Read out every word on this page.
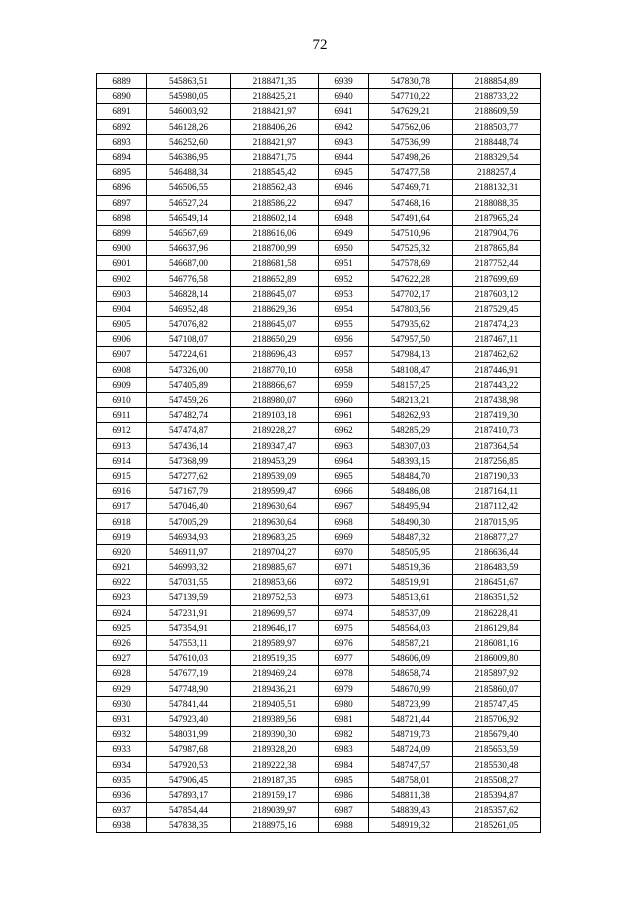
72
6889	545863,51	2188471,35	6939	547830,78	2188854,89
6890	545980,05	2188425,21	6940	547710,22	2188733,22
6891	546003,92	2188421,97	6941	547629,21	2188609,59
6892	546128,26	2188406,26	6942	547562,06	2188503,77
6893	546252,60	2188421,97	6943	547536,99	2188448,74
6894	546386,95	2188471,75	6944	547498,26	2188329,54
6895	546488,34	2188545,42	6945	547477,58	2188257,4
6896	546506,55	2188562,43	6946	547469,71	2188132,31
6897	546527,24	2188586,22	6947	547468,16	2188088,35
6898	546549,14	2188602,14	6948	547491,64	2187965,24
6899	546567,69	2188616,06	6949	547510,96	2187904,76
6900	546637,96	2188700,99	6950	547525,32	2187865,84
6901	546687,00	2188681,58	6951	547578,69	2187752,44
6902	546776,58	2188652,89	6952	547622,28	2187699,69
6903	546828,14	2188645,07	6953	547702,17	2187603,12
6904	546952,48	2188629,36	6954	547803,56	2187529,45
6905	547076,82	2188645,07	6955	547935,62	2187474,23
6906	547108,07	2188650,29	6956	547957,50	2187467,11
6907	547224,61	2188696,43	6957	547984,13	2187462,62
6908	547326,00	2188770,10	6958	548108,47	2187446,91
6909	547405,89	2188866,67	6959	548157,25	2187443,22
6910	547459,26	2188980,07	6960	548213,21	2187438,98
6911	547482,74	2189103,18	6961	548262,93	2187419,30
6912	547474,87	2189228,27	6962	548285,29	2187410,73
6913	547436,14	2189347,47	6963	548307,03	2187364,54
6914	547368,99	2189453,29	6964	548393,15	2187256,85
6915	547277,62	2189539,09	6965	548484,70	2187190,33
6916	547167,79	2189599,47	6966	548486,08	2187164,11
6917	547046,40	2189630,64	6967	548495,94	2187112,42
6918	547005,29	2189630,64	6968	548490,30	2187015,95
6919	546934,93	2189683,25	6969	548487,32	2186877,27
6920	546911,97	2189704,27	6970	548505,95	2186636,44
6921	546993,32	2189885,67	6971	548519,36	2186483,59
6922	547031,55	2189853,66	6972	548519,91	2186451,67
6923	547139,59	2189752,53	6973	548513,61	2186351,52
6924	547231,91	2189699,57	6974	548537,09	2186228,41
6925	547354,91	2189646,17	6975	548564,03	2186129,84
6926	547553,11	2189589,97	6976	548587,21	2186081,16
6927	547610,03	2189519,35	6977	548606,09	2186009,80
6928	547677,19	2189469,24	6978	548658,74	2185897,92
6929	547748,90	2189436,21	6979	548670,99	2185860,07
6930	547841,44	2189405,51	6980	548723,99	2185747,45
6931	547923,40	2189389,56	6981	548721,44	2185706,92
6932	548031,99	2189390,30	6982	548719,73	2185679,40
6933	547987,68	2189328,20	6983	548724,09	2185653,59
6934	547920,53	2189222,38	6984	548747,57	2185530,48
6935	547906,45	2189187,35	6985	548758,01	2185508,27
6936	547893,17	2189159,17	6986	548811,38	2185394,87
6937	547854,44	2189039,97	6987	548839,43	2185357,62
6938	547838,35	2188975,16	6988	548919,32	2185261,05
